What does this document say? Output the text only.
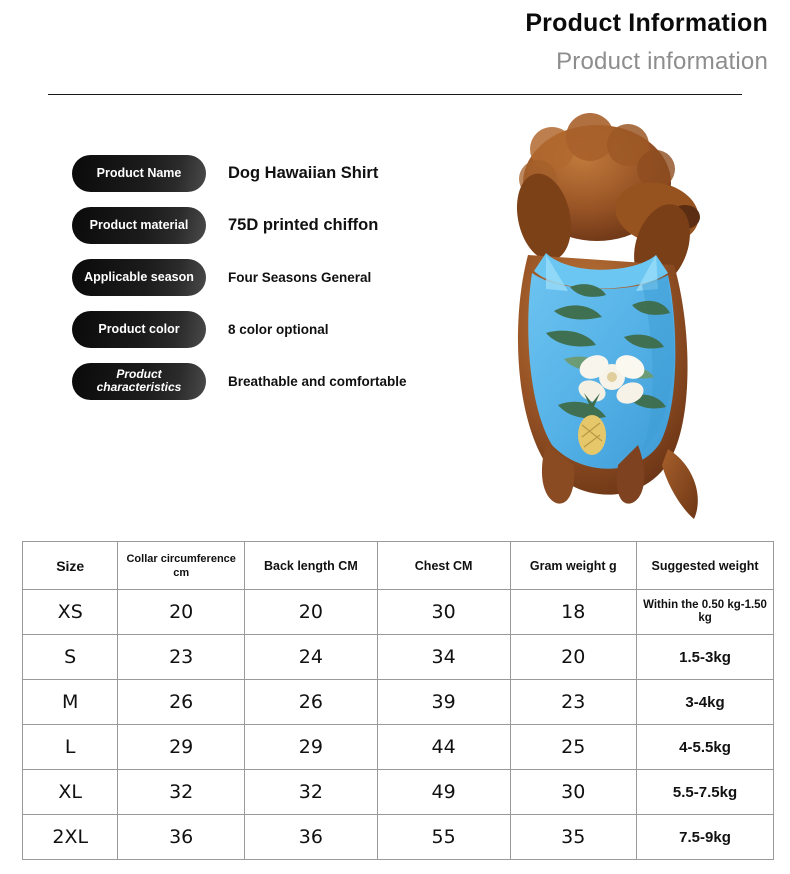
Product Information
Product information
Product Name	Dog Hawaiian Shirt
Product material	75D printed chiffon
Applicable season	Four Seasons General
Product color	8 color optional
Product characteristics	Breathable and comfortable
Size	Collar circumference cm	Back length CM	Chest CM	Gram weight g	Suggested weight
XS	20	20	30	18	Within the 0.50 kg-1.50 kg
S	23	24	34	20	1.5-3kg
M	26	26	39	23	3-4kg
L	29	29	44	25	4-5.5kg
XL	32	32	49	30	5.5-7.5kg
2XL	36	36	55	35	7.5-9kg
